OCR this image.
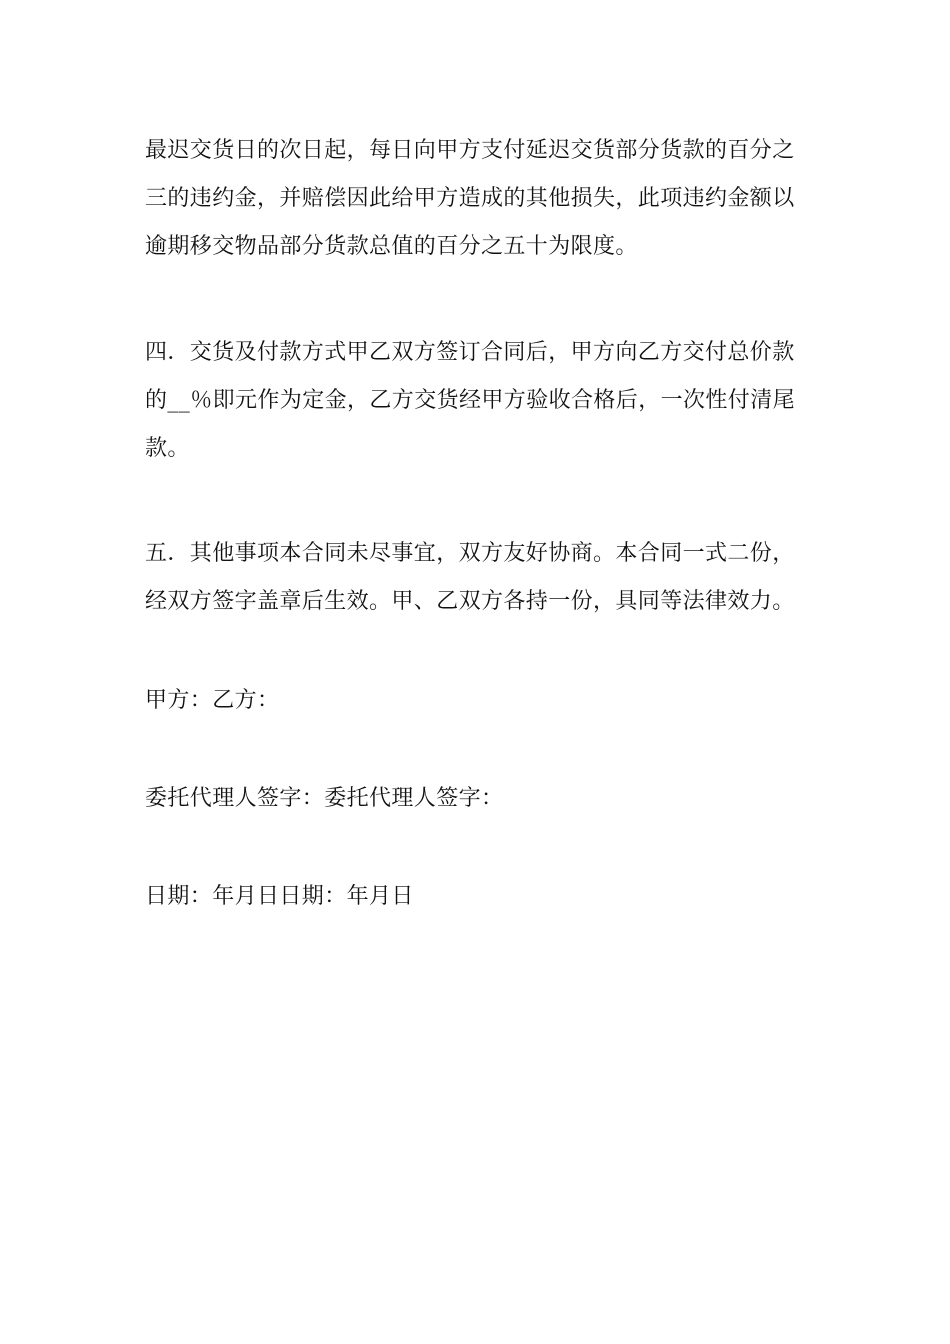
最迟交货日的次日起，每日向甲方支付延迟交货部分货款的百分之
三的违约金，并赔偿因此给甲方造成的其他损失，此项违约金额以
逾期移交物品部分货款总值的百分之五十为限度。
四．交货及付款方式甲乙双方签订合同后，甲方向乙方交付总价款
的__％即元作为定金，乙方交货经甲方验收合格后，一次性付清尾
款。
五．其他事项本合同未尽事宜，双方友好协商。本合同一式二份，
经双方签字盖章后生效。甲、乙双方各持一份，具同等法律效力。
甲方：乙方：
委托代理人签字：委托代理人签字：
日期：年月日日期：年月日
